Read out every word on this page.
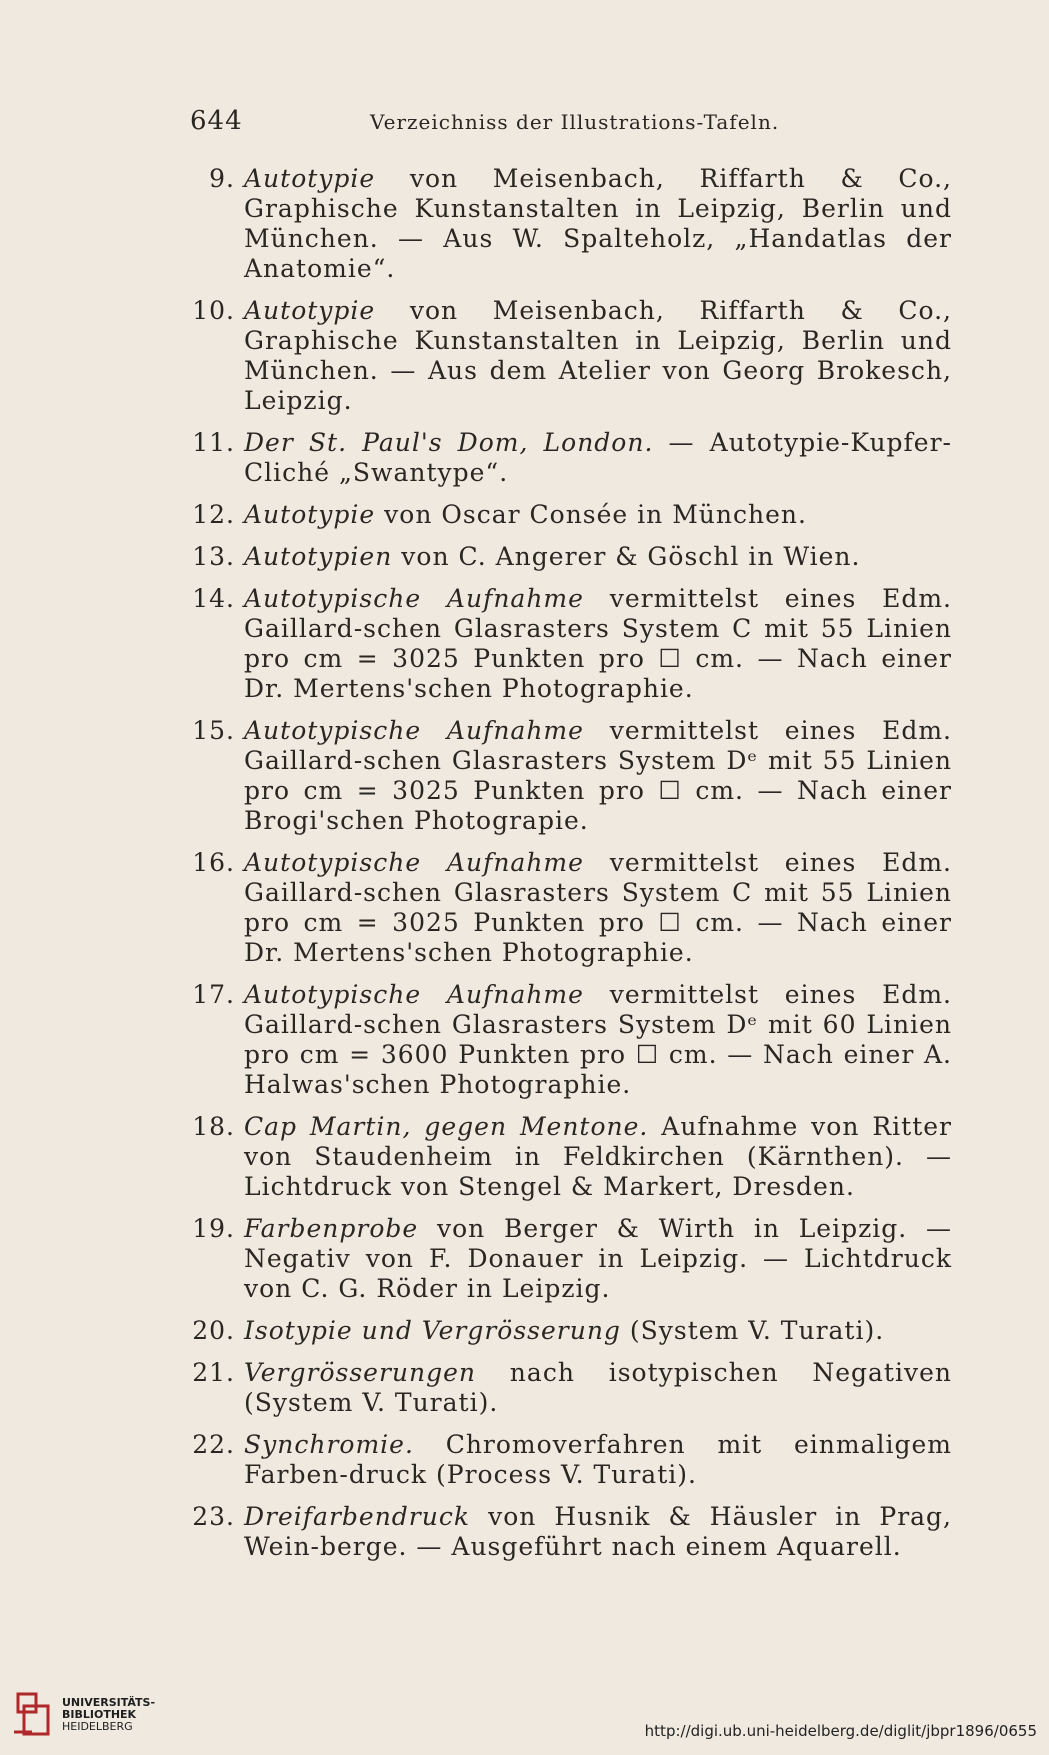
644	Verzeichniss der Illustrations-Tafeln.
9. Autotypie von Meisenbach, Riffarth & Co., Graphische Kunstanstalten in Leipzig, Berlin und München. — Aus W. Spalteholz, „Handatlas der Anatomie“.
10. Autotypie von Meisenbach, Riffarth & Co., Graphische Kunstanstalten in Leipzig, Berlin und München. — Aus dem Atelier von Georg Brokesch, Leipzig.
11. Der St. Paul's Dom, London. — Autotypie-Kupfer-Cliché „Swantype“.
12. Autotypie von Oscar Consée in München.
13. Autotypien von C. Angerer & Göschl in Wien.
14. Autotypische Aufnahme vermittelst eines Edm. Gaillard-schen Glasrasters System C mit 55 Linien pro cm = 3025 Punkten pro ☐ cm. — Nach einer Dr. Mertens'schen Photographie.
15. Autotypische Aufnahme vermittelst eines Edm. Gaillard-schen Glasrasters System Dᵉ mit 55 Linien pro cm = 3025 Punkten pro ☐ cm. — Nach einer Brogi'schen Photograpie.
16. Autotypische Aufnahme vermittelst eines Edm. Gaillard-schen Glasrasters System C mit 55 Linien pro cm = 3025 Punkten pro ☐ cm. — Nach einer Dr. Mertens'schen Photographie.
17. Autotypische Aufnahme vermittelst eines Edm. Gaillard-schen Glasrasters System Dᵉ mit 60 Linien pro cm = 3600 Punkten pro ☐ cm. — Nach einer A. Halwas'schen Photographie.
18. Cap Martin, gegen Mentone. Aufnahme von Ritter von Staudenheim in Feldkirchen (Kärnthen). — Lichtdruck von Stengel & Markert, Dresden.
19. Farbenprobe von Berger & Wirth in Leipzig. — Negativ von F. Donauer in Leipzig. — Lichtdruck von C. G. Röder in Leipzig.
20. Isotypie und Vergrösserung (System V. Turati).
21. Vergrösserungen nach isotypischen Negativen (System V. Turati).
22. Synchromie. Chromoverfahren mit einmaligem Farben-druck (Process V. Turati).
23. Dreifarbendruck von Husnik & Häusler in Prag, Wein-berge. — Ausgeführt nach einem Aquarell.
UNIVERSITÄTS-
BIBLIOTHEK
HEIDELBERG	http://digi.ub.uni-heidelberg.de/diglit/jbpr1896/0655
